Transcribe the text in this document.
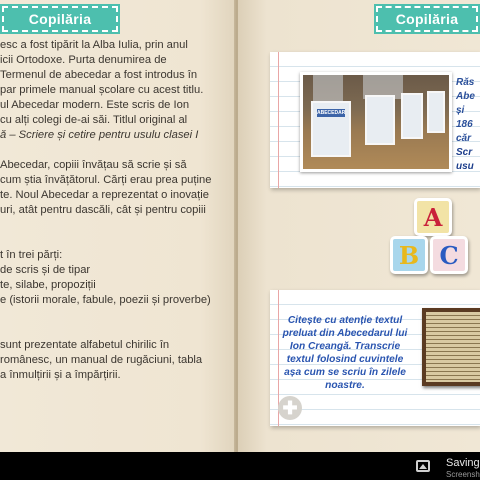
Copilăria
esc a fost tipărit la Alba Iulia, prin anul
icii Ortodoxe. Purta denumirea de
Termenul de abecedar a fost introdus în
par primele manual școlare cu acest titlu.
ul Abecedar modern. Este scris de Ion
cu alți colegi de-ai săi. Titlul original al
ă – Scriere și cetire pentru usulu clasei I
Abecedar, copiii învățau să scrie și să
cum știa învățătorul. Cărți erau prea puține
te. Noul Abecedar a reprezentat o inovație
uri, atât pentru dascăli, cât și pentru copiii
t în trei părți:
de scris și de tipar
te, silabe, propoziții
e (istorii morale, fabule, poezii și proverbe)
sunt prezentate alfabetul chirilic în
românesc, un manual de rugăciuni, tabla
a înmulțirii și a împărțirii.
Copilăria
ABECEDAR
Răs
Abe
și
186
căr
Scr
usu
A
B C
Citește cu atenție textul preluat din Abecedarul lui Ion Creangă. Transcrie textul folosind cuvintele așa cum se scriu în zilele noastre.
✚
Saving
Screensh
